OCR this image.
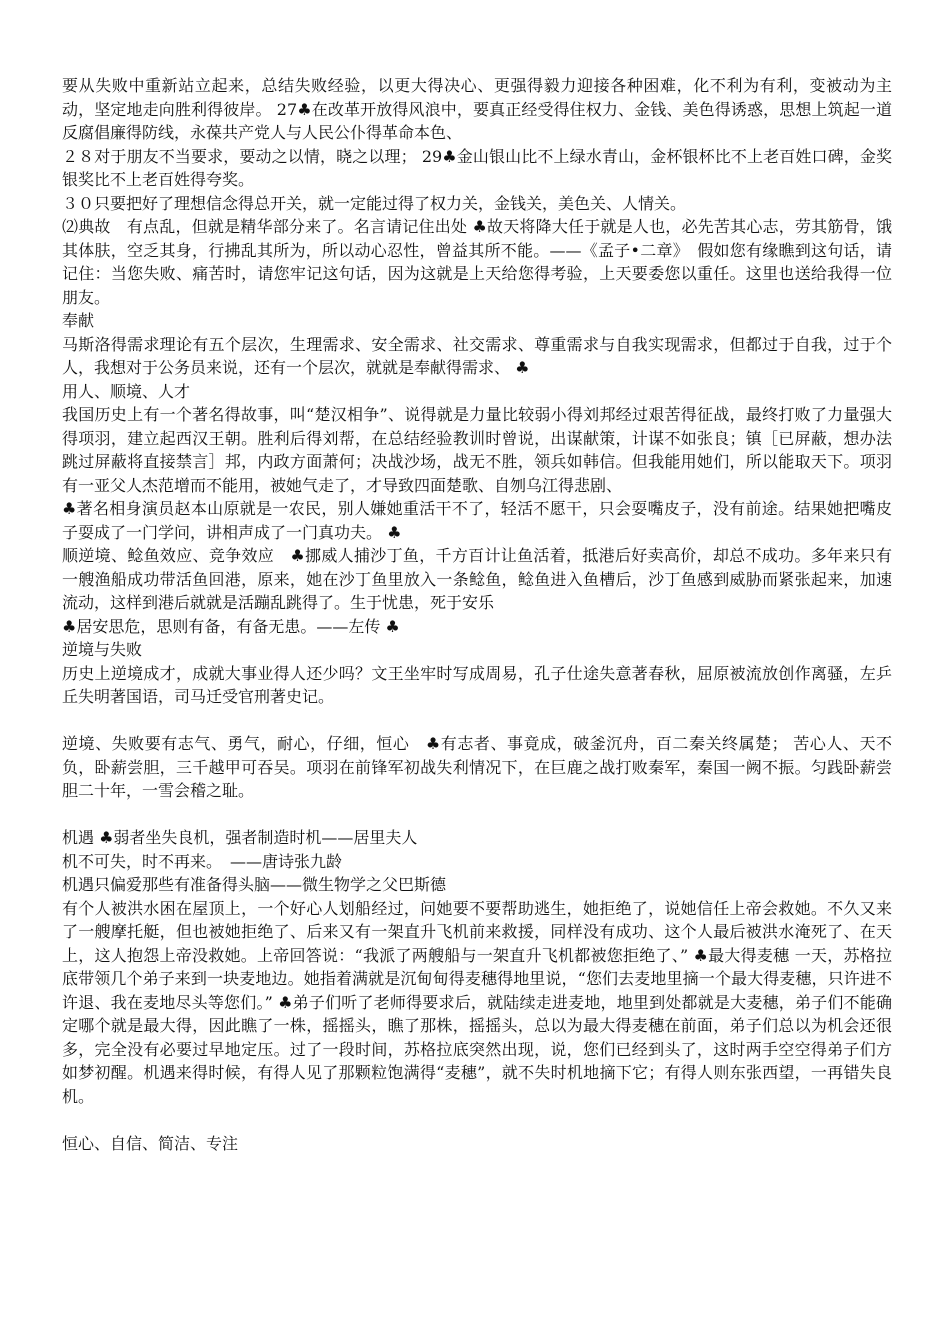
要从失败中重新站立起来，总结失败经验，以更大得决心、更强得毅力迎接各种困难，化不利为有利，变被动为主动，坚定地走向胜利得彼岸。 27♣在改革开放得风浪中，要真正经受得住权力、金钱、美色得诱惑，思想上筑起一道反腐倡廉得防线，永葆共产党人与人民公仆得革命本色、

２８对于朋友不当要求，要动之以情，晓之以理； 29♣金山银山比不上绿水青山，金杯银杯比不上老百姓口碑，金奖银奖比不上老百姓得夸奖。

３０只要把好了理想信念得总开关，就一定能过得了权力关，金钱关，美色关、人情关。

⑵典故　有点乱，但就是精华部分来了。名言请记住出处 ♣故天将降大任于就是人也，必先苦其心志，劳其筋骨，饿其体肤，空乏其身，行拂乱其所为，所以动心忍性，曾益其所不能。——《孟子•二章》　假如您有缘瞧到这句话，请记住：当您失败、痛苦时，请您牢记这句话，因为这就是上天给您得考验，上天要委您以重任。这里也送给我得一位朋友。

奉献

马斯洛得需求理论有五个层次，生理需求、安全需求、社交需求、尊重需求与自我实现需求，但都过于自我，过于个人，我想对于公务员来说，还有一个层次，就就是奉献得需求、 ♣

用人、顺境、人才

我国历史上有一个著名得故事，叫“楚汉相争”、说得就是力量比较弱小得刘邦经过艰苦得征战，最终打败了力量强大得项羽，建立起西汉王朝。胜利后得刘帮，在总结经验教训时曾说，出谋献策，计谋不如张良；镇［已屏蔽，想办法跳过屏蔽将直接禁言］邦，内政方面萧何；决战沙场，战无不胜，领兵如韩信。但我能用她们，所以能取天下。项羽有一亚父人杰范增而不能用，被她气走了，才导致四面楚歌、自刎乌江得悲剧、

♣著名相身演员赵本山原就是一农民，别人嫌她重活干不了，轻活不愿干，只会耍嘴皮子，没有前途。结果她把嘴皮子耍成了一门学问，讲相声成了一门真功夫。 ♣

顺逆境、鲶鱼效应、竞争效应　♣挪威人捕沙丁鱼，千方百计让鱼活着，抵港后好卖高价，却总不成功。多年来只有一艘渔船成功带活鱼回港，原来，她在沙丁鱼里放入一条鲶鱼，鲶鱼进入鱼槽后，沙丁鱼感到威胁而紧张起来，加速流动，这样到港后就就是活蹦乱跳得了。生于忧患，死于安乐

♣居安思危，思则有备，有备无患。——左传 ♣

逆境与失败

历史上逆境成才，成就大事业得人还少吗？文王坐牢时写成周易，孔子仕途失意著春秋，屈原被流放创作离骚，左乒丘失明著国语，司马迁受官刑著史记。

逆境、失败要有志气、勇气，耐心，仔细，恒心　♣有志者、事竟成，破釜沉舟，百二秦关终属楚； 苦心人、天不负，卧薪尝胆，三千越甲可吞吴。项羽在前锋军初战失利情况下，在巨鹿之战打败秦军，秦国一阙不振。匀践卧薪尝胆二十年，一雪会稽之耻。

机遇 ♣弱者坐失良机，强者制造时机——居里夫人

机不可失，时不再来。　——唐诗张九龄

机遇只偏爱那些有准备得头脑——微生物学之父巴斯德

有个人被洪水困在屋顶上，一个好心人划船经过，问她要不要帮助逃生，她拒绝了，说她信任上帝会救她。不久又来了一艘摩托艇，但也被她拒绝了、后来又有一架直升飞机前来救援，同样没有成功、这个人最后被洪水淹死了、在天上，这人抱怨上帝没救她。上帝回答说：“我派了两艘船与一架直升飞机都被您拒绝了、” ♣最大得麦穗 一天，苏格拉底带领几个弟子来到一块麦地边。她指着满就是沉甸甸得麦穗得地里说，“您们去麦地里摘一个最大得麦穗，只许进不许退、我在麦地尽头等您们。” ♣弟子们听了老师得要求后，就陆续走进麦地，地里到处都就是大麦穗，弟子们不能确定哪个就是最大得，因此瞧了一株，摇摇头，瞧了那株，摇摇头，总以为最大得麦穗在前面，弟子们总以为机会还很多，完全没有必要过早地定压。过了一段时间，苏格拉底突然出现，说，您们已经到头了，这时两手空空得弟子们方如梦初醒。机遇来得时候，有得人见了那颗粒饱满得“麦穗”，就不失时机地摘下它；有得人则东张西望，一再错失良机。

恒心、自信、简洁、专注
